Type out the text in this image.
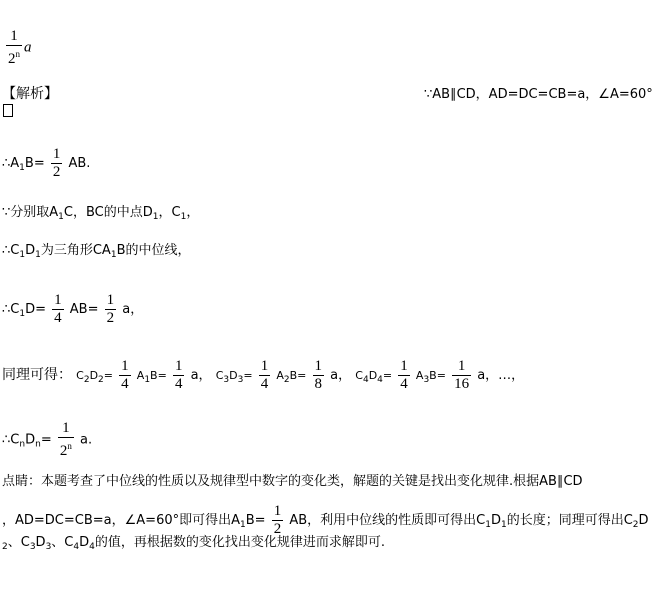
$\frac{1}{2^n}$ a
【解析】	∵AB∥CD，AD=DC=CB=a，∠A=60°
$\therefore A_1B= \frac{1}{2}$ AB.
∵分别取$A_1C$，BC的中点$D_1$，$C_1$，
$\therefore C_1D_1$为三角形$CA_1B$的中位线，
$\therefore C_1D= \frac{1}{4} AB= \frac{1}{2}$ a，
同理可得： $C_2D_2= \frac{1}{4} A_1B= \frac{1}{4}$ a， $C_3D_3= \frac{1}{4} A_2B= \frac{1}{8}$ a， $C_4D_4= \frac{1}{4} A_3B= \frac{1}{16}$ a，…，
$\therefore C_nD_n= \frac{1}{2^n} a$.
点睛：本题考查了中位线的性质以及规律型中数字的变化类，解题的关键是找出变化规律.根据AB∥CD
，AD=DC=CB=a，∠A=60°即可得出$A_1B= \frac{1}{2}$ AB，利用中位线的性质即可得出$C_1D_1$的长度；同理可得出$C_2D$
$_2$、$C_3D_3$、$C_4D_4$的值，再根据数的变化找出变化规律进而求解即可.
